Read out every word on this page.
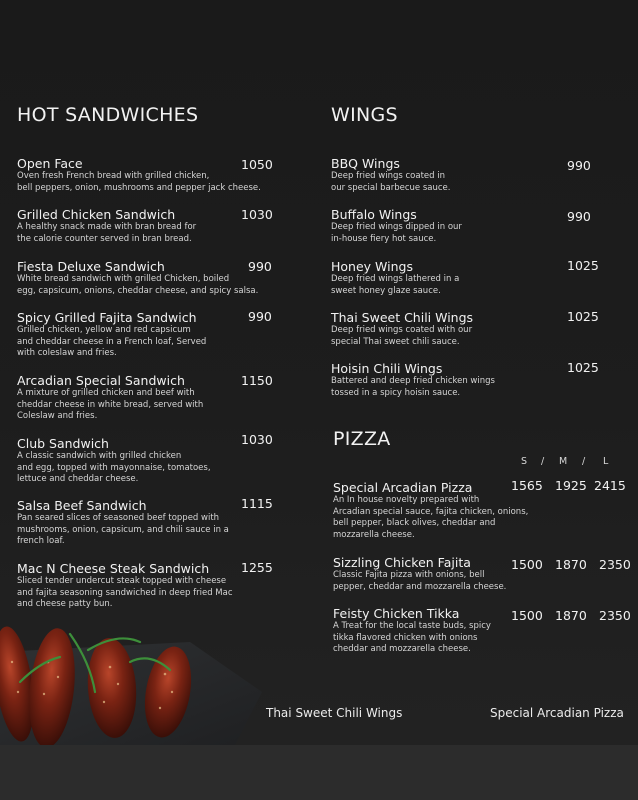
HOT SANDWICHES
Open Face
Oven fresh French bread with grilled chicken,
bell peppers, onion, mushrooms and pepper jack cheese.
1050
Grilled Chicken Sandwich
A healthy snack made with bran bread for
the calorie counter served in bran bread.
1030
Fiesta Deluxe Sandwich
White bread sandwich with grilled Chicken, boiled
egg, capsicum, onions, cheddar cheese, and spicy salsa.
990
Spicy Grilled Fajita Sandwich
Grilled chicken, yellow and red capsicum
and cheddar cheese in a French loaf, Served
with coleslaw and fries.
990
Arcadian Special Sandwich
A mixture of grilled chicken and beef with
cheddar cheese in white bread, served with
Coleslaw and fries.
1150
Club Sandwich
A classic sandwich with grilled chicken
and egg, topped with mayonnaise, tomatoes,
lettuce and cheddar cheese.
1030
Salsa Beef Sandwich
Pan seared slices of seasoned beef topped with
mushrooms, onion, capsicum, and chili sauce in a
french loaf.
1115
Mac N Cheese Steak Sandwich
Sliced tender undercut steak topped with cheese
and fajita seasoning sandwiched in deep fried Mac
and cheese patty bun.
1255
WINGS
BBQ Wings
Deep fried wings coated in
our special barbecue sauce.
990
Buffalo Wings
Deep fried wings dipped in our
in-house fiery hot sauce.
990
Honey Wings
Deep fried wings lathered in a
sweet honey glaze sauce.
1025
Thai Sweet Chili Wings
Deep fried wings coated with our
special Thai sweet chili sauce.
1025
Hoisin Chili Wings
Battered and deep fried chicken wings
tossed in a spicy hoisin sauce.
1025
PIZZA
S / M / L
Special Arcadian Pizza
An In house novelty prepared with
Arcadian special sauce, fajita chicken, onions,
bell pepper, black olives, cheddar and
mozzarella cheese.
1565 1925 2415
Sizzling Chicken Fajita
Classic Fajita pizza with onions, bell
pepper, cheddar and mozzarella cheese.
1500 1870 2350
Feisty Chicken Tikka
A Treat for the local taste buds, spicy
tikka flavored chicken with onions
cheddar and mozzarella cheese.
1500 1870 2350
Thai Sweet Chili Wings	Special Arcadian Pizza
